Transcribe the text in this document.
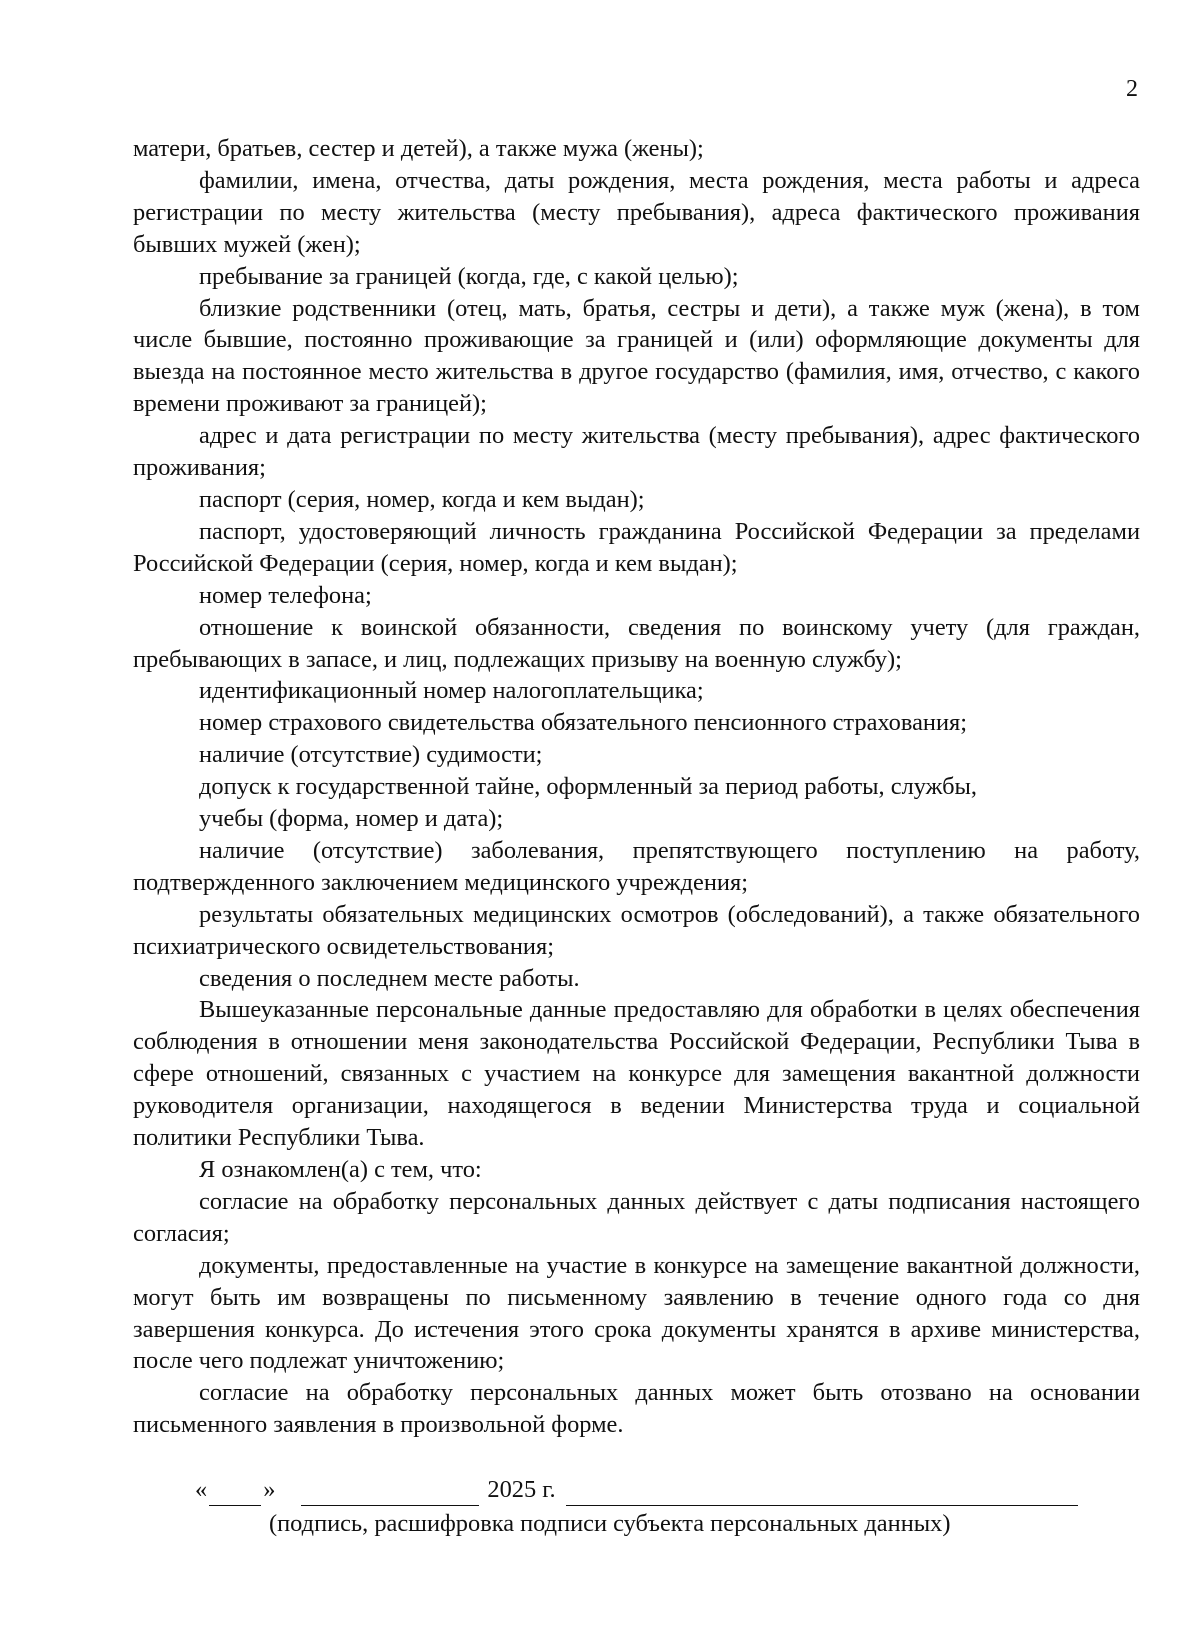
2

матери, братьев, сестер и детей), а также мужа (жены);

фамилии, имена, отчества, даты рождения, места рождения, места работы и адреса регистрации по месту жительства (месту пребывания), адреса фактического проживания бывших мужей (жен);

пребывание за границей (когда, где, с какой целью);

близкие родственники (отец, мать, братья, сестры и дети), а также муж (жена), в том числе бывшие, постоянно проживающие за границей и (или) оформляющие документы для выезда на постоянное место жительства в другое государство (фамилия, имя, отчество, с какого времени проживают за границей);

адрес и дата регистрации по месту жительства (месту пребывания), адрес фактического проживания;

паспорт (серия, номер, когда и кем выдан);

паспорт, удостоверяющий личность гражданина Российской Федерации за пределами Российской Федерации (серия, номер, когда и кем выдан);

номер телефона;

отношение к воинской обязанности, сведения по воинскому учету (для граждан, пребывающих в запасе, и лиц, подлежащих призыву на военную службу);

идентификационный номер налогоплательщика;

номер страхового свидетельства обязательного пенсионного страхования;

наличие (отсутствие) судимости;

допуск к государственной тайне, оформленный за период работы, службы,

учебы (форма, номер и дата);

наличие (отсутствие) заболевания, препятствующего поступлению на работу, подтвержденного заключением медицинского учреждения;

результаты обязательных медицинских осмотров (обследований), а также обязательного психиатрического освидетельствования;

сведения о последнем месте работы.

Вышеуказанные персональные данные предоставляю для обработки в целях обеспечения соблюдения в отношении меня законодательства Российской Федерации, Республики Тыва в сфере отношений, связанных с участием на конкурсе для замещения вакантной должности руководителя организации, находящегося в ведении Министерства труда и социальной политики Республики Тыва.

Я ознакомлен(а) с тем, что:

согласие на обработку персональных данных действует с даты подписания настоящего согласия;

документы, предоставленные на участие в конкурсе на замещение вакантной должности, могут быть им возвращены по письменному заявлению в течение одного года со дня завершения конкурса. До истечения этого срока документы хранятся в архиве министерства, после чего подлежат уничтожению;

согласие на обработку персональных данных может быть отозвано на основании письменного заявления в произвольной форме.

« »	2025 г.
(подпись, расшифровка подписи субъекта персональных данных)
